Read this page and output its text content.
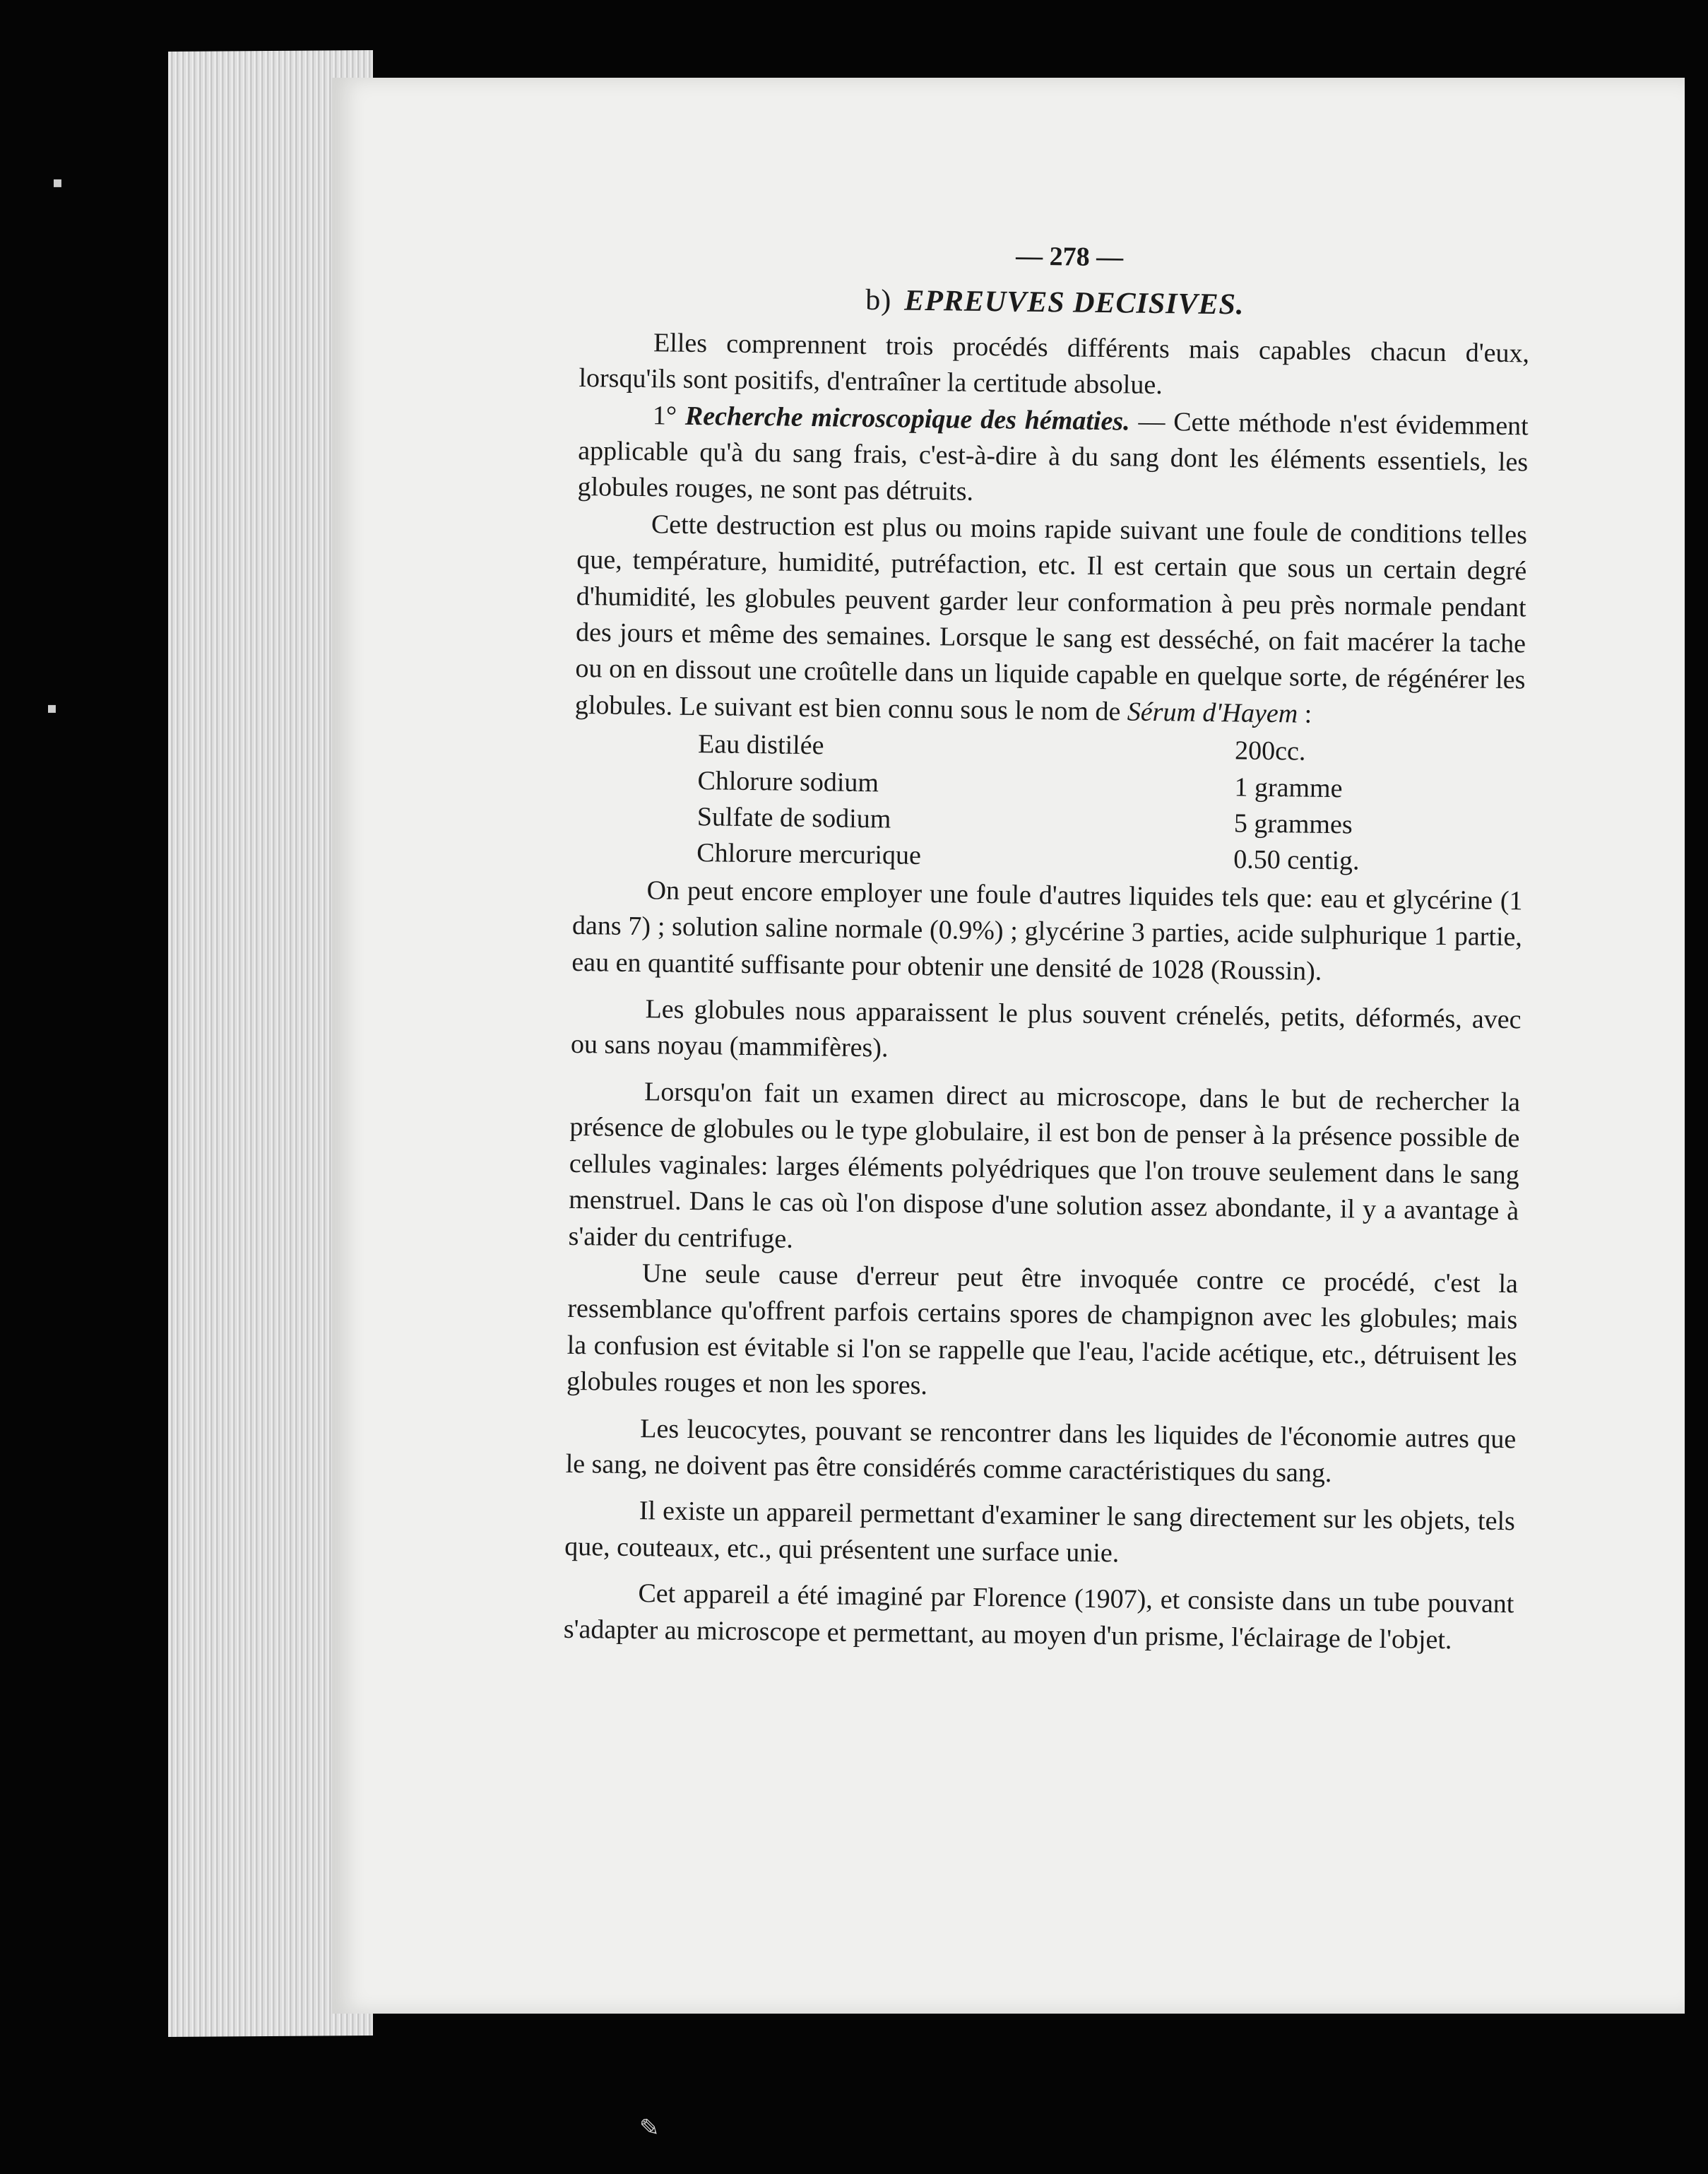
▪
▪
✎
— 278 —
b) EPREUVES DECISIVES.

Elles comprennent trois procédés différents mais capables chacun d'eux, lorsqu'ils sont positifs, d'entraîner la certitude absolue.

1° Recherche microscopique des hématies. — Cette méthode n'est évidemment applicable qu'à du sang frais, c'est-à-dire à du sang dont les éléments essentiels, les globules rouges, ne sont pas détruits.

Cette destruction est plus ou moins rapide suivant une foule de conditions telles que, température, humidité, putréfaction, etc. Il est certain que sous un certain degré d'humidité, les globules peuvent garder leur conformation à peu près normale pendant des jours et même des semaines. Lorsque le sang est desséché, on fait macérer la tache ou on en dissout une croûtelle dans un liquide capable en quelque sorte, de régénérer les globules. Le suivant est bien connu sous le nom de Sérum d'Hayem :

Eau distilée	200cc.
Chlorure sodium	1 gramme
Sulfate de sodium	5 grammes
Chlorure mercurique	0.50 centig.

On peut encore employer une foule d'autres liquides tels que: eau et glycérine (1 dans 7) ; solution saline normale (0.9%) ; glycérine 3 parties, acide sulphurique 1 partie, eau en quantité suffisante pour obtenir une densité de 1028 (Roussin).

Les globules nous apparaissent le plus souvent crénelés, petits, déformés, avec ou sans noyau (mammifères).

Lorsqu'on fait un examen direct au microscope, dans le but de rechercher la présence de globules ou le type globulaire, il est bon de penser à la présence possible de cellules vaginales: larges éléments polyédriques que l'on trouve seulement dans le sang menstruel. Dans le cas où l'on dispose d'une solution assez abondante, il y a avantage à s'aider du centrifuge.

Une seule cause d'erreur peut être invoquée contre ce procédé, c'est la ressemblance qu'offrent parfois certains spores de champignon avec les globules; mais la confusion est évitable si l'on se rappelle que l'eau, l'acide acétique, etc., détruisent les globules rouges et non les spores.

Les leucocytes, pouvant se rencontrer dans les liquides de l'économie autres que le sang, ne doivent pas être considérés comme caractéristiques du sang.

Il existe un appareil permettant d'examiner le sang directement sur les objets, tels que, couteaux, etc., qui présentent une surface unie.

Cet appareil a été imaginé par Florence (1907), et consiste dans un tube pouvant s'adapter au microscope et permettant, au moyen d'un prisme, l'éclairage de l'objet.
